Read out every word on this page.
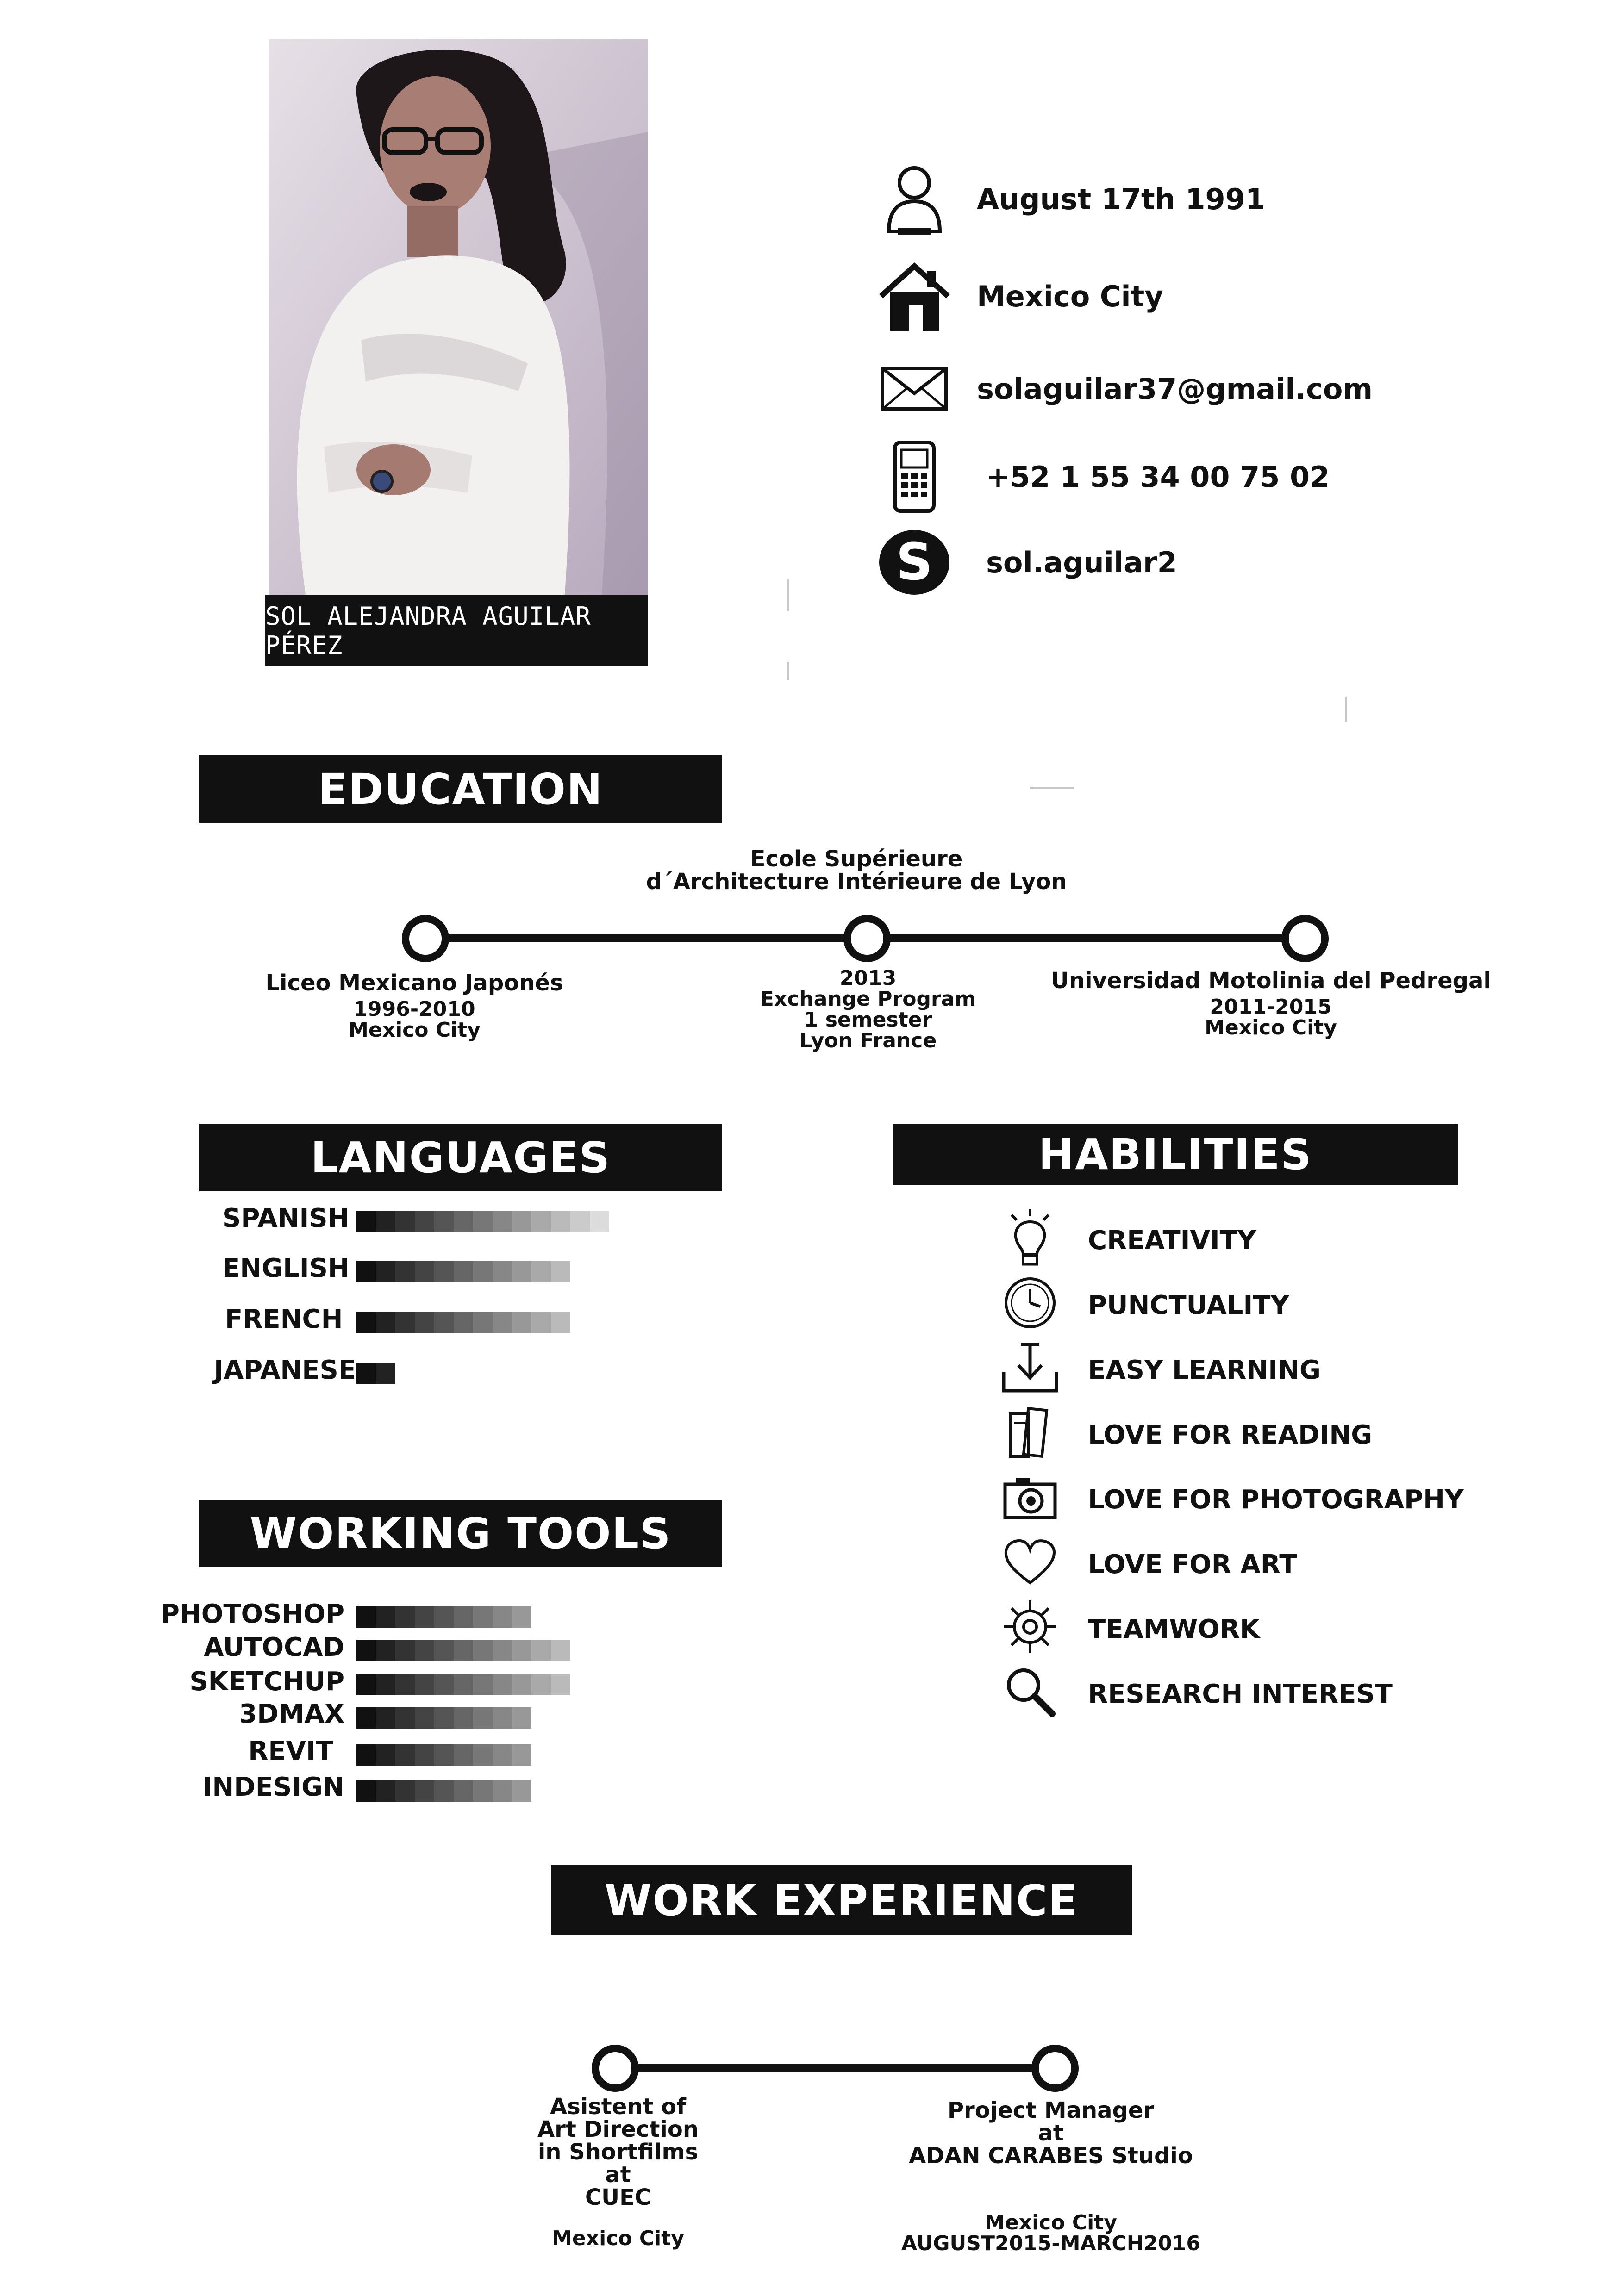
SOL ALEJANDRA AGUILAR PÉREZ
August 17th 1991
Mexico City
solaguilar37@gmail.com
+52 1 55 34 00 75 02
S sol.aguilar2
EDUCATION
Ecole Supérieure
d´Architecture Intérieure de Lyon
Liceo Mexicano Japonés
1996-2010
Mexico City
2013
Exchange Program
1 semester
Lyon France
Universidad Motolinia del Pedregal
2011-2015
Mexico City
LANGUAGES
SPANISH
ENGLISH
FRENCH
JAPANESE
HABILITIES
CREATIVITY
PUNCTUALITY
EASY LEARNING
LOVE FOR READING
LOVE FOR PHOTOGRAPHY
LOVE FOR ART
TEAMWORK
RESEARCH INTEREST
WORKING TOOLS
PHOTOSHOP
AUTOCAD
SKETCHUP
3DMAX
REVIT
INDESIGN
WORK EXPERIENCE
Asistent of
Art Direction
in Shortfilms
at
CUEC
Mexico City
Project Manager
at
ADAN CARABES Studio
Mexico City
AUGUST2015-MARCH2016
